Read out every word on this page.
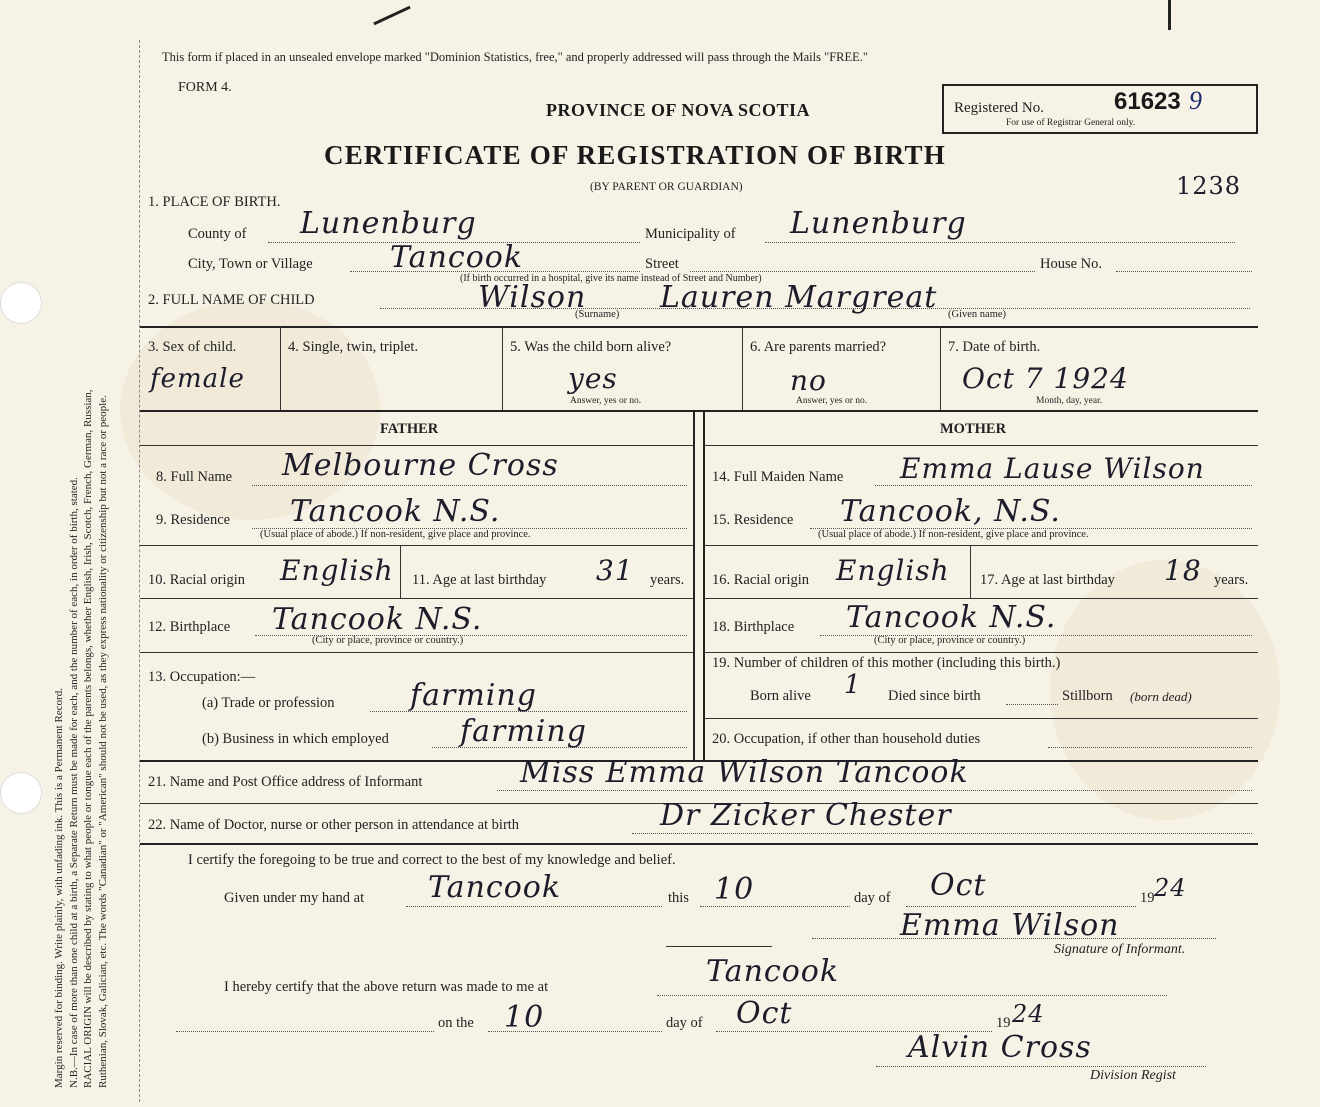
Margin reserved for binding. Write plainly, with unfading ink. This is a Permanent Record. N.B.—In case of more than one child at a birth, a Separate Return must be made for each, and the number of each, in order of birth, stated. RACIAL ORIGIN will be described by stating to what people or tongue each of the parents belongs, whether English, Irish, Scotch, French, German, Russian, Ruthenian, Slovak, Galician, etc. The words "Canadian" or "American" should not be used, as they express nationality or citizenship but not a race or people.
This form if placed in an unsealed envelope marked "Dominion Statistics, free," and properly addressed will pass through the Mails "FREE."
FORM 4.
PROVINCE OF NOVA SCOTIA
CERTIFICATE OF REGISTRATION OF BIRTH
(BY PARENT OR GUARDIAN)
Registered No.	61623 9
For use of Registrar General only.
1238
1. PLACE OF BIRTH.
County of Lunenburg	Municipality of Lunenburg
City, Town or Village	Tancook	Street	House No.
(If birth occurred in a hospital, give its name instead of Street and Number)
2. FULL NAME OF CHILD	Wilson Lauren Margreat
(Surname)	(Given name)
3. Sex of child.
female
4. Single, twin, triplet.	5. Was the child born alive?
yes
Answer, yes or no.
6. Are parents married?
no
Answer, yes or no.
7. Date of birth.
Oct 7 1924
Month, day, year.
FATHER
8. Full Name Melbourne Cross
9. Residence Tancook N.S.
(Usual place of abode.) If non-resident, give place and province.
10. Racial origin English 11. Age at last birthday 31 years.
12. Birthplace Tancook N.S.
(City or place, province or country.)
13. Occupation:—
(a) Trade or profession	farming
(b) Business in which employed farming
MOTHER
14. Full Maiden Name Emma Lause Wilson
15. Residence Tancook, N.S.
(Usual place of abode.) If non-resident, give place and province.
16. Racial origin English 17. Age at last birthday 18 years.
18. Birthplace Tancook N.S.
(City or place, province or country.)
19. Number of children of this mother (including this birth.)
Born alive 1 Died since birth	Stillborn (born dead)
20. Occupation, if other than household duties
21. Name and Post Office address of Informant	Miss Emma Wilson Tancook
22. Name of Doctor, nurse or other person in attendance at birth	Dr Zicker Chester
I certify the foregoing to be true and correct to the best of my knowledge and belief.
Given under my hand at Tancook	this 10	day of Oct	19 24
Emma Wilson
Signature of Informant.
I hereby certify that the above return was made to me at	Tancook
on the 10	day of Oct	19 24
Alvin Cross
Division Regist
